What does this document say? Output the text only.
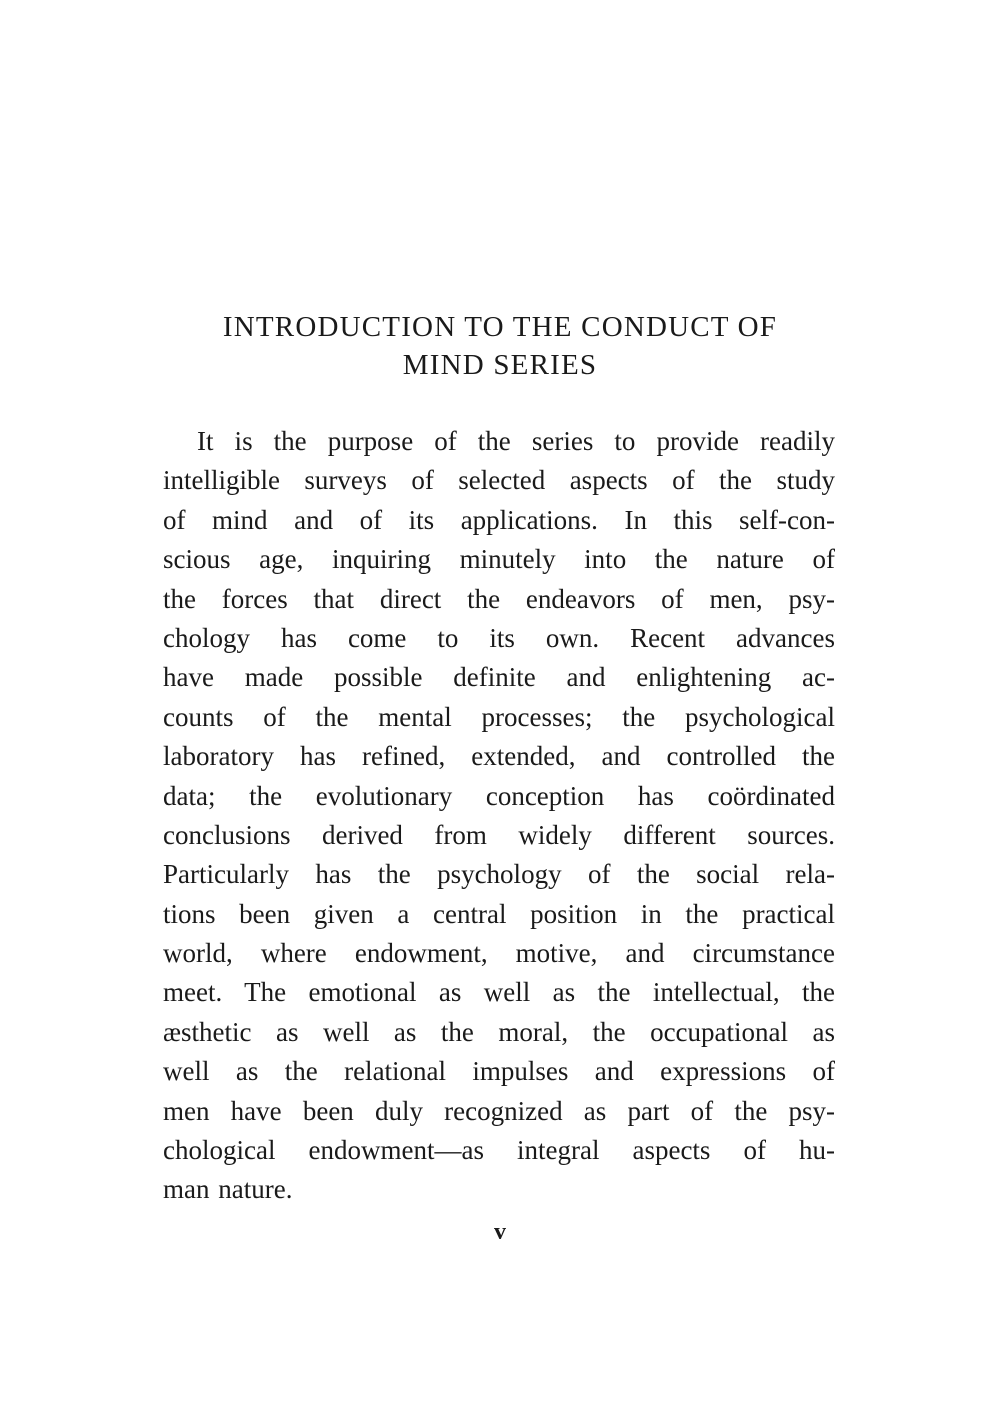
INTRODUCTION TO THE CONDUCT OF
MIND SERIES
It is the purpose of the series to provide readily
intelligible surveys of selected aspects of the study
of mind and of its applications. In this self-con-
scious age, inquiring minutely into the nature of
the forces that direct the endeavors of men, psy-
chology has come to its own. Recent advances
have made possible definite and enlightening ac-
counts of the mental processes; the psychological
laboratory has refined, extended, and controlled the
data; the evolutionary conception has coördinated
conclusions derived from widely different sources.
Particularly has the psychology of the social rela-
tions been given a central position in the practical
world, where endowment, motive, and circumstance
meet. The emotional as well as the intellectual, the
æsthetic as well as the moral, the occupational as
well as the relational impulses and expressions of
men have been duly recognized as part of the psy-
chological endowment—as integral aspects of hu-
man nature.
v
